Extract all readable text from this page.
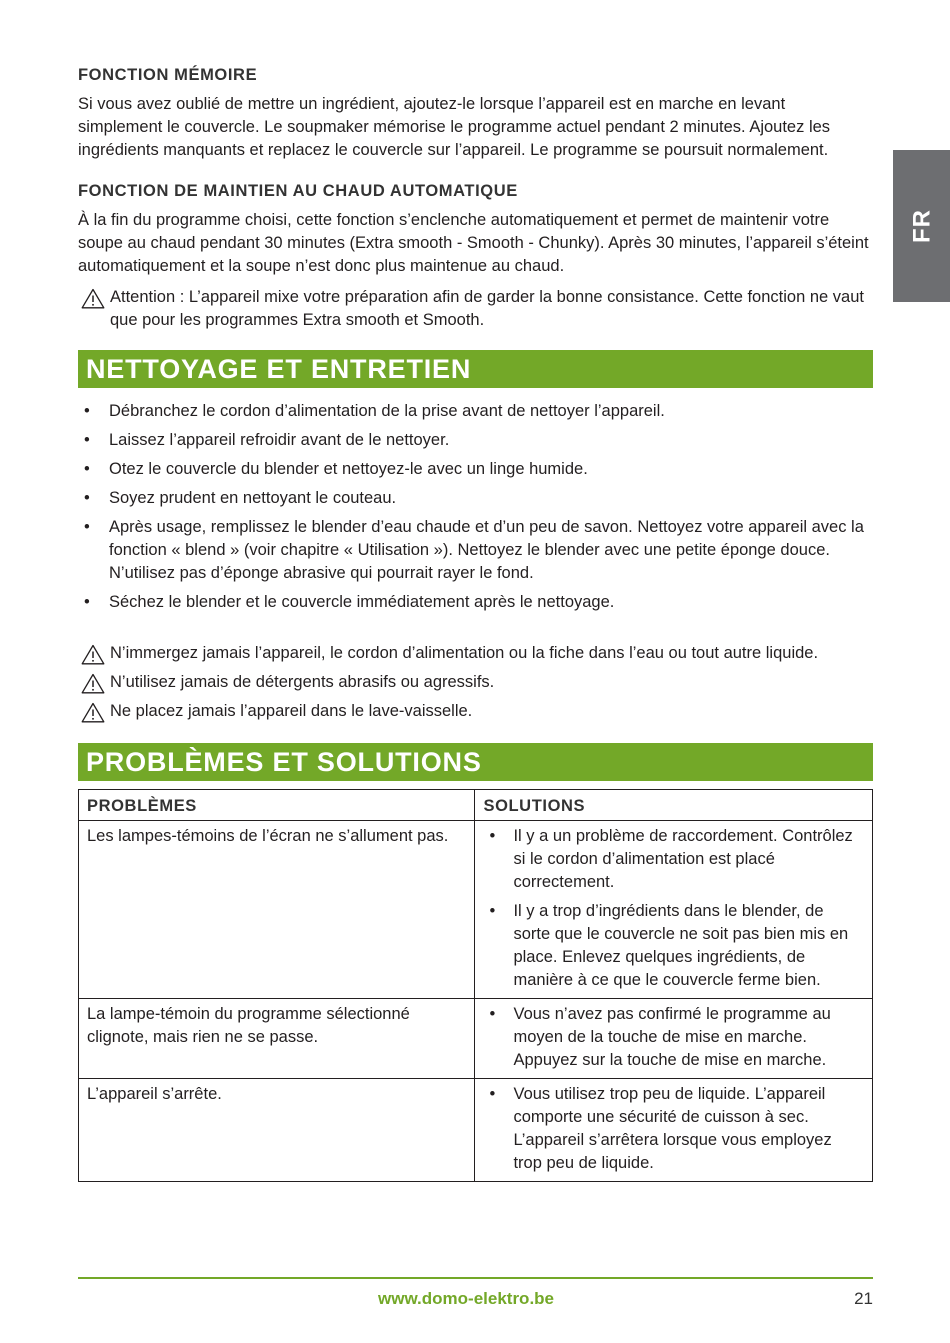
FR
FONCTION MÉMOIRE
Si vous avez oublié de mettre un ingrédient, ajoutez-le lorsque l’appareil est en marche en levant simplement le couvercle. Le soupmaker mémorise le programme actuel pendant 2 minutes. Ajoutez les ingrédients manquants et replacez le couvercle sur l’appareil. Le programme se poursuit normalement.
FONCTION DE MAINTIEN AU CHAUD AUTOMATIQUE
À la fin du programme choisi, cette fonction s’enclenche automatiquement et permet de maintenir votre soupe au chaud pendant 30 minutes (Extra smooth - Smooth - Chunky). Après 30 minutes, l’appareil s’éteint automatiquement et la soupe n’est donc plus maintenue au chaud.
Attention : L’appareil mixe votre préparation afin de garder la bonne consistance. Cette fonction ne vaut que pour les programmes Extra smooth et Smooth.
NETTOYAGE ET ENTRETIEN
• Débranchez le cordon d’alimentation de la prise avant de nettoyer l’appareil.
• Laissez l’appareil refroidir avant de le nettoyer.
• Otez le couvercle du blender et nettoyez-le avec un linge humide.
• Soyez prudent en nettoyant le couteau.
• Après usage, remplissez le blender d’eau chaude et d’un peu de savon. Nettoyez votre appareil avec la fonction « blend » (voir chapitre « Utilisation »). Nettoyez le blender avec une petite éponge douce. N’utilisez pas d’éponge abrasive qui pourrait rayer le fond.
• Séchez le blender et le couvercle immédiatement après le nettoyage.
N’immergez jamais l’appareil, le cordon d’alimentation ou la fiche dans l’eau ou tout autre liquide.
N’utilisez jamais de détergents abrasifs ou agressifs.
Ne placez jamais l’appareil dans le lave-vaisselle.
PROBLÈMES ET SOLUTIONS
PROBLÈMES	SOLUTIONS
Les lampes-témoins de l’écran ne s’allument pas.	• Il y a un problème de raccordement. Contrôlez si le cordon d’alimentation est placé correctement.
• Il y a trop d’ingrédients dans le blender, de sorte que le couvercle ne soit pas bien mis en place. Enlevez quelques ingrédients, de manière à ce que le couvercle ferme bien.

La lampe-témoin du programme sélectionné clignote, mais rien ne se passe.	• Vous n’avez pas confirmé le programme au moyen de la touche de mise en marche. Appuyez sur la touche de mise en marche.

L’appareil s’arrête.	• Vous utilisez trop peu de liquide. L’appareil comporte une sécurité de cuisson à sec. L’appareil s’arrêtera lorsque vous employez trop peu de liquide.
www.domo-elektro.be	21
